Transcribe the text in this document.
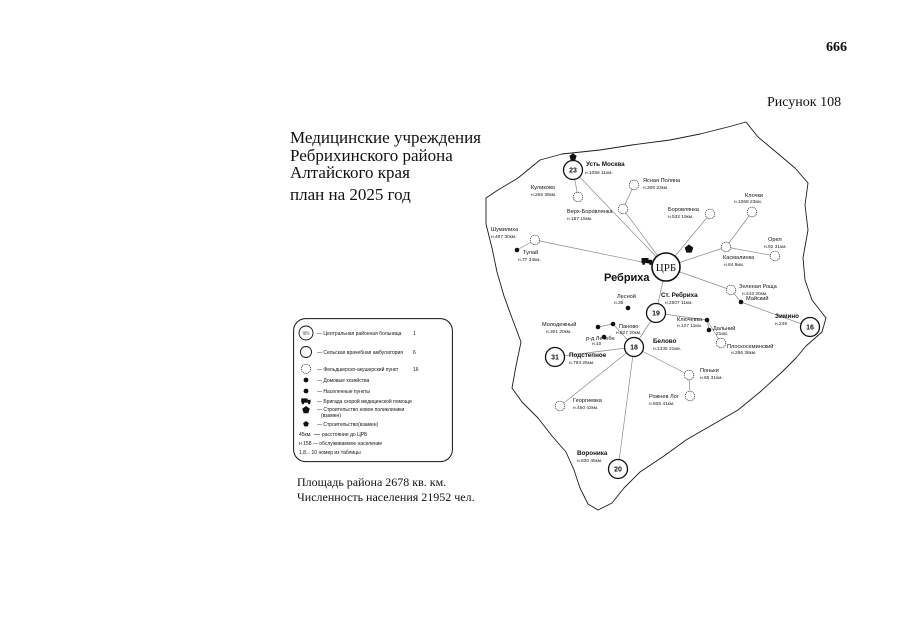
666
Рисунок 108
Медицинские учреждения
Ребрихинского района
Алтайского края
план на 2025 год
ЦРБ — Центральная районная больница 1
— Сельская врачебная амбулатория 6
— Фельдшерско-акушерский пункт	16
— Домовые хозяйства
— Населенные пункты
— Бригада скорой медицинской помощи
— Строительство новое поликлиники
(взамен)
— Строительство(взамен)
45км. расстояние до ЦРБ
н 158 — обслуживаемое население
1,8... 10 номер из таблицы
Площадь района 2678 кв. км.
Численность населения 21952 чел.
23
Усть Москва
н.1056 11км.
Ясная Поляна
н.308 23км.
Куликово
н.265 38км.
Верх-Боровлянка
н.157 15км.
Боровлянка
н.532 19км.
Клочки
н.1068 23км.
Шумилиха
н.487 30км.
Тулай
н.77 34км.
Орел
н.92 31км.
Касмалинка
н.84 9км.
Зеленая Роща
н.443 20км.
19
Ст. Ребриха
н.2507 11км.
Лесной
н.35
Майский
16
Зимино
н.249
Молодежный
н.301 20км.
р-д Лечебн
н.10
Паново
н.827 20км.
Ключевка
н.127 11км. Дальний
21км.
Плоскосеминский
н.286 38км.
18
Белово
н.1335 21км.
31 Подстепное
н.793 25км.
Поньки
н.65 31км.
Рожнев Лог
н.805 41км.
Георгиевка
н.450 43км.
20
Вороника
н.830 45км.
ЦРБ
Ребриха
